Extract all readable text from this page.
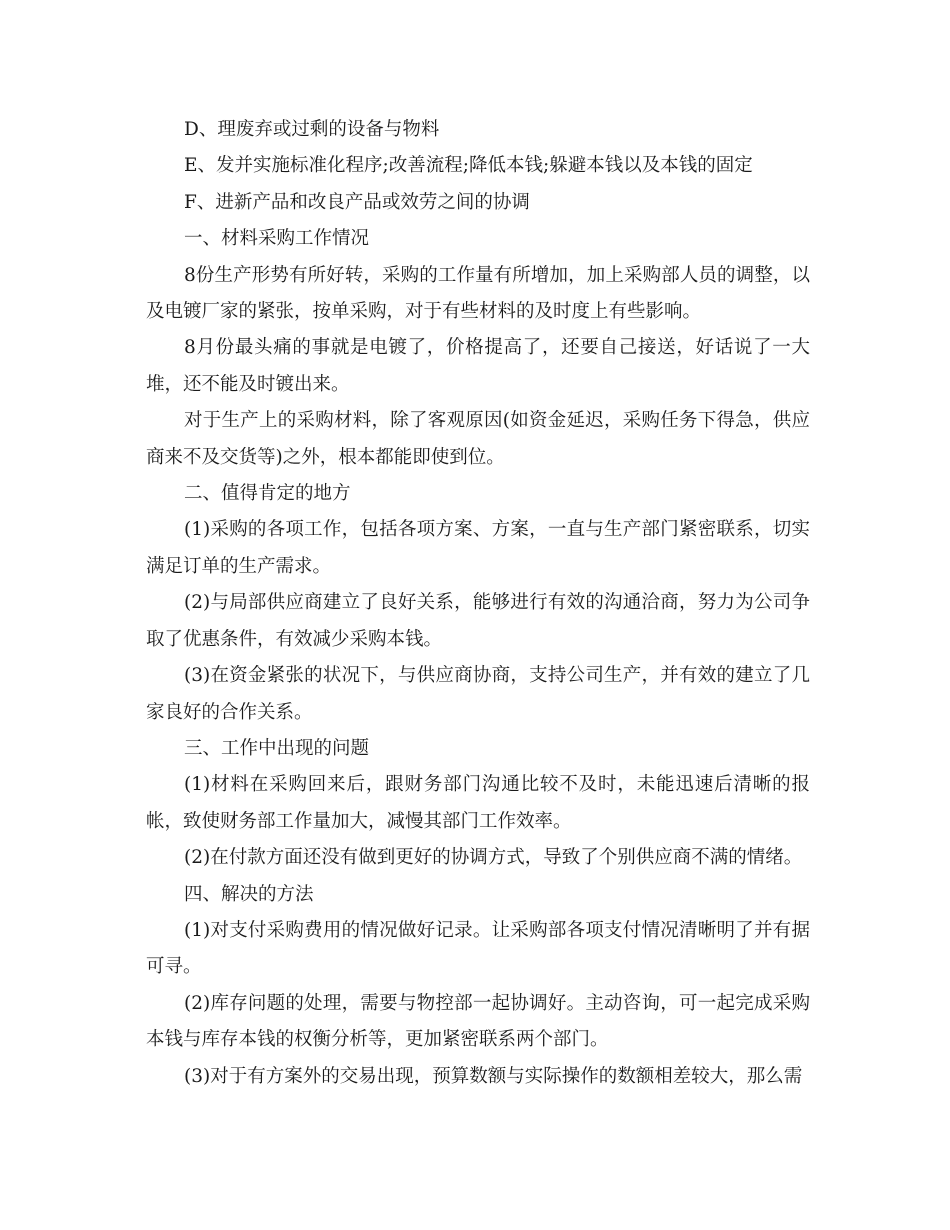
D、理废弃或过剩的设备与物料

E、发并实施标准化程序;改善流程;降低本钱;躲避本钱以及本钱的固定

F、进新产品和改良产品或效劳之间的协调

一、材料采购工作情况

8份生产形势有所好转，采购的工作量有所增加，加上采购部人员的调整，以及电镀厂家的紧张，按单采购，对于有些材料的及时度上有些影响。

8月份最头痛的事就是电镀了，价格提高了，还要自己接送，好话说了一大堆，还不能及时镀出来。

对于生产上的采购材料，除了客观原因(如资金延迟，采购任务下得急，供应商来不及交货等)之外，根本都能即使到位。

二、值得肯定的地方

(1)采购的各项工作，包括各项方案、方案，一直与生产部门紧密联系，切实满足订单的生产需求。

(2)与局部供应商建立了良好关系，能够进行有效的沟通洽商，努力为公司争取了优惠条件，有效减少采购本钱。

(3)在资金紧张的状况下，与供应商协商，支持公司生产，并有效的建立了几家良好的合作关系。

三、工作中出现的问题

(1)材料在采购回来后，跟财务部门沟通比较不及时，未能迅速后清晰的报帐，致使财务部工作量加大，减慢其部门工作效率。

(2)在付款方面还没有做到更好的协调方式，导致了个别供应商不满的情绪。

四、解决的方法

(1)对支付采购费用的情况做好记录。让采购部各项支付情况清晰明了并有据可寻。

(2)库存问题的处理，需要与物控部一起协调好。主动咨询，可一起完成采购本钱与库存本钱的权衡分析等，更加紧密联系两个部门。

(3)对于有方案外的交易出现，预算数额与实际操作的数额相差较大，那么需
